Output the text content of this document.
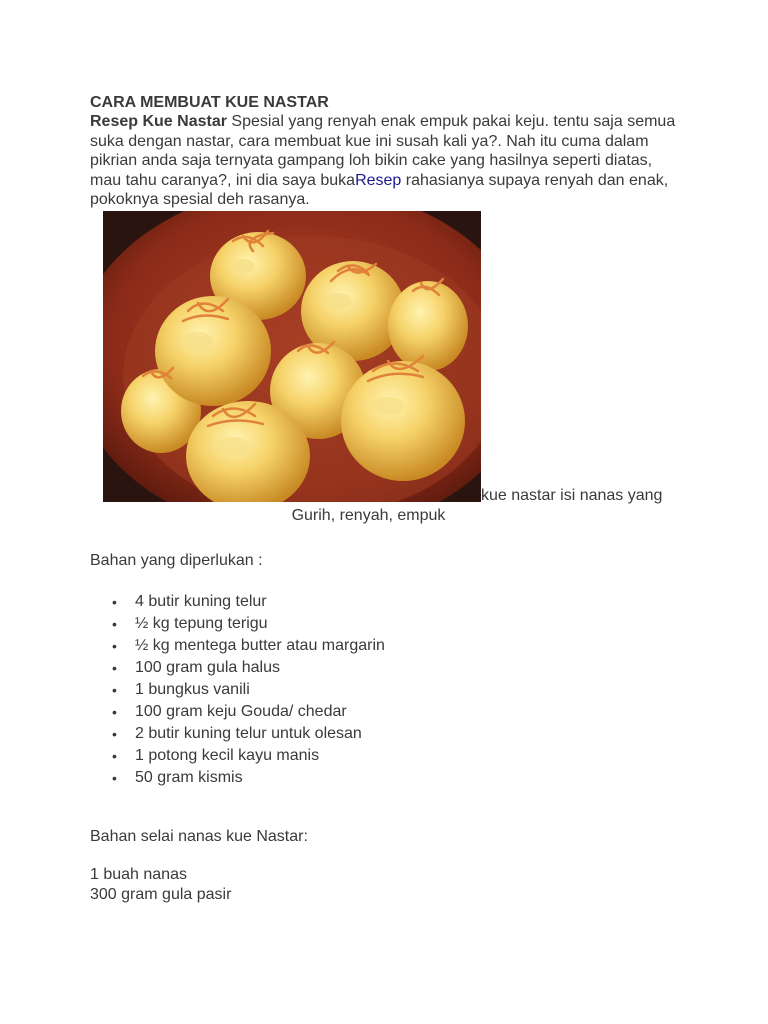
CARA MEMBUAT KUE NASTAR

Resep Kue Nastar Spesial yang renyah enak empuk pakai keju. tentu saja semua suka dengan nastar, cara membuat kue ini susah kali ya?. Nah itu cuma dalam pikrian anda saja ternyata gampang loh bikin cake yang hasilnya seperti diatas, mau tahu caranya?, ini dia saya bukaResep rahasianya supaya renyah dan enak, pokoknya spesial deh rasanya.

kue nastar isi nanas yang
Gurih, renyah, empuk

Bahan yang diperlukan :

• 4 butir kuning telur
• ½ kg tepung terigu
• ½ kg mentega butter atau margarin
• 100 gram gula halus
• 1 bungkus vanili
• 100 gram keju Gouda/ chedar
• 2 butir kuning telur untuk olesan
• 1 potong kecil kayu manis
• 50 gram kismis

Bahan selai nanas kue Nastar:

1 buah nanas
300 gram gula pasir
